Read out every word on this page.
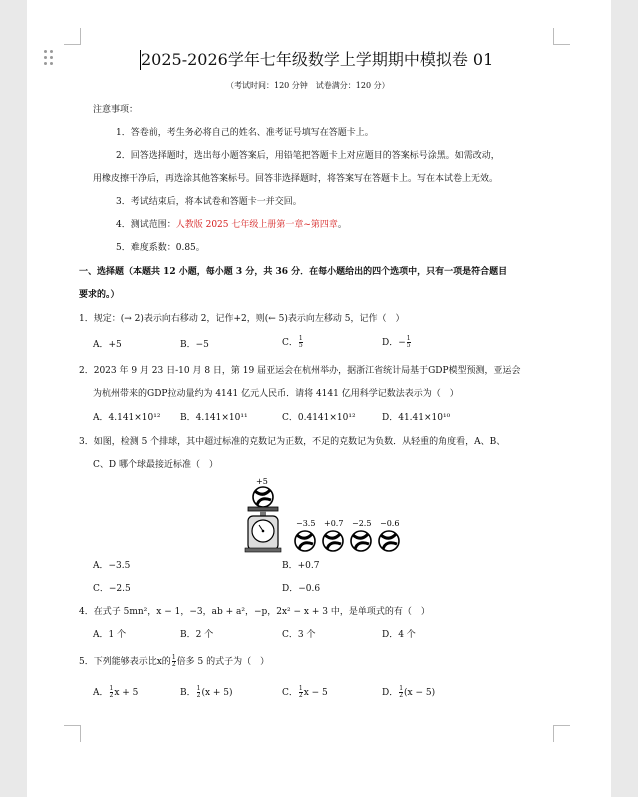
2025-2026学年七年级数学上学期期中模拟卷 01
（考试时间：120 分钟　试卷满分：120 分）
注意事项：
1．答卷前，考生务必将自己的姓名、准考证号填写在答题卡上。
2．回答选择题时，选出每小题答案后，用铅笔把答题卡上对应题目的答案标号涂黑。如需改动，
用橡皮擦干净后，再选涂其他答案标号。回答非选择题时，将答案写在答题卡上。写在本试卷上无效。
3．考试结束后，将本试卷和答题卡一并交回。
4．测试范围：人教版 2025 七年级上册第一章~第四章。
5．难度系数：0.85。
一、选择题（本题共 12 小题，每小题 3 分，共 36 分．在每小题给出的四个选项中，只有一项是符合题目
要求的。）
1．规定：(→ 2)表示向右移动 2，记作+2，则(← 5)表示向左移动 5，记作（　）
A．+5	B．−5	C． $\frac{1}{5}$	D．− $\frac{1}{5}$
2．2023 年 9 月 23 日-10 月 8 日，第 19 届亚运会在杭州举办，据浙江省统计局基于GDP模型预测，亚运会
为杭州带来的GDP拉动量约为 4141 亿元人民币．请将 4141 亿用科学记数法表示为（　）
A．4.141×10¹² B．4.141×10¹¹	C．0.4141×10¹²	D．41.41×10¹⁰
3．如图，检测 5 个排球，其中超过标准的克数记为正数，不足的克数记为负数．从轻重的角度看，A、B、
C、D 哪个球最接近标准（　）
+5
−3.5 +0.7 −2.5 −0.6
A．−3.5	B．+0.7
C．−2.5	D．−0.6
4．在式子 5mn²，x − 1，−3，ab + a²，−p，2x² − x + 3 中，是单项式的有（　）
A．1 个	B．2 个	C．3 个	D．4 个
5．下列能够表示比x的 $\frac{1}{2}$ 倍多 5 的式子为（　）
A． $\frac{1}{2}$ x + 5	B． $\frac{1}{2} (x + 5)$	C． $\frac{1}{2}$ x − 5	D． $\frac{1}{2} (x - 5)$
